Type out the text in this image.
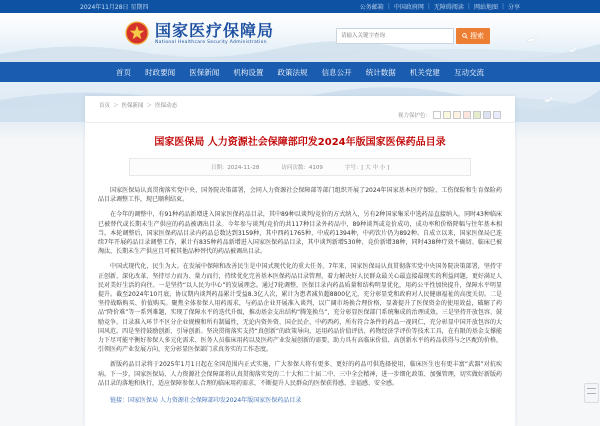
2024年11月28日 星期四	公务邮箱 | 中国政府网 | 无障碍阅读 | 网站地图 | 分享
国家医疗保障局
National Healthcare Security Administration
请输入关键字查询
搜索
首页 时政要闻 医保新闻 机构设置 政策法规 信息公开 统计数据 机关党建 互动交流
首页 ＞ 医保新闻 ＞ 医保动态
视力保护色：
国家医保局 人力资源社会保障部印发2024年版国家医保药品目录
日期：2024-11-28	访问次数：4109	字号：[ 大 中 小 ]

国家医保局认真贯彻落实党中央、国务院决策部署，会同人力资源社会保障部等部门组织开展了2024年国家基本医疗保险、工伤保险和生育保险药品目录调整工作，现已顺利结束。

在今年的调整中，有91种药品新增进入国家医保药品目录，其中89种以谈判/竞价的方式纳入，另有2种国家集采中选药品直接纳入，同时43种临床已被替代或长期未生产供应的药品被调出目录。今年参与谈判/竞价的共117种目录外药品中，89种谈判或竞价成功，成功率和价格降幅与往年基本相当。本轮调整后，国家医保药品目录内药品总数达到3159种，其中西药1765种、中成药1394种，中药饮片仍为892种。自成立以来，国家医保局已连续7年开展药品目录调整工作，累计有835种药品新增进入国家医保药品目录，其中谈判新增530种、竞价新增38种，同时438种疗效不确切、临床已被淘汰、长期未生产供应且可被其他品种替代的药品被调出目录。

中国式现代化，民生为大。在发展中保障和改善民生是中国式现代化的重大任务。7年来，国家医保局认真贯彻落实党中央国务院决策部署，坚持守正创新、深化改革，坚持尽力而为、量力而行，持续优化完善基本医保药品目录管理，着力解决好人民群众最关心最直接最现实的利益问题，更好满足人民对美好生活的向往。一是坚持“以人民为中心”的发展理念。通过7轮调整，医保目录内药品质量和结构明显优化，用药公平性加快提升，保障水平明显提升。截至2024年10月底，协议期内谈判药品累计受益8.3亿人次，累计为患者减负超8800亿元，充分彰显党和政府对人民健康福祉的高度关切。二是坚持战略购买、价值购买。聚焦全体参保人用药需求，与药品企业开展准入谈判，以广阔市场换合理价格，显著提升了医保资金的使用效益，破解了药品“降价难”等一系列难题，实现了保障水平的迭代升级，推动基金支出结构“腾笼换鸟”，充分彰显医保部门系统集成的治理成效。三是坚持开放包容、鼓励竞争。目录准入环节不区分企业规模和所有制属性，无论内资外资、国企民企、中药西药，所有符合条件的药品一视同仁，充分彰显中国开放包容的大国风范。四是坚持鼓励创新、引导创新。坚决贯彻落实支持“真创新”的政策导向，运用药品价值评估、药物经济学评价等技术工具，在有限的基金支撑能力下尽可能平衡好参保人多元化需求、医务人员临床用药以及医药产业发展创新的需要，助力具有高临床价值、高创新水平的药品获得与之匹配的价格，引领医药产业发展方向，充分彰显医保部门求真务实的工作态度。

新版药品目录将于2025年1月1日起在全国范围内正式实施，广大参保人将有更多、更好的药品可供选择使用，临床医生也有更丰富“武器”对抗疾病。下一步，国家医保局、人力资源社会保障部将认真贯彻落实党的二十大和二十届二中、三中全会精神，进一步细化政策、加强管理，切实做好新版药品目录的落地和执行，适应保障参保人合理的临床用药需求，不断提升人民群众的医保获得感、幸福感、安全感。

链接：国家医保局 人力资源社会保障部印发2024年版国家医保药品目录
